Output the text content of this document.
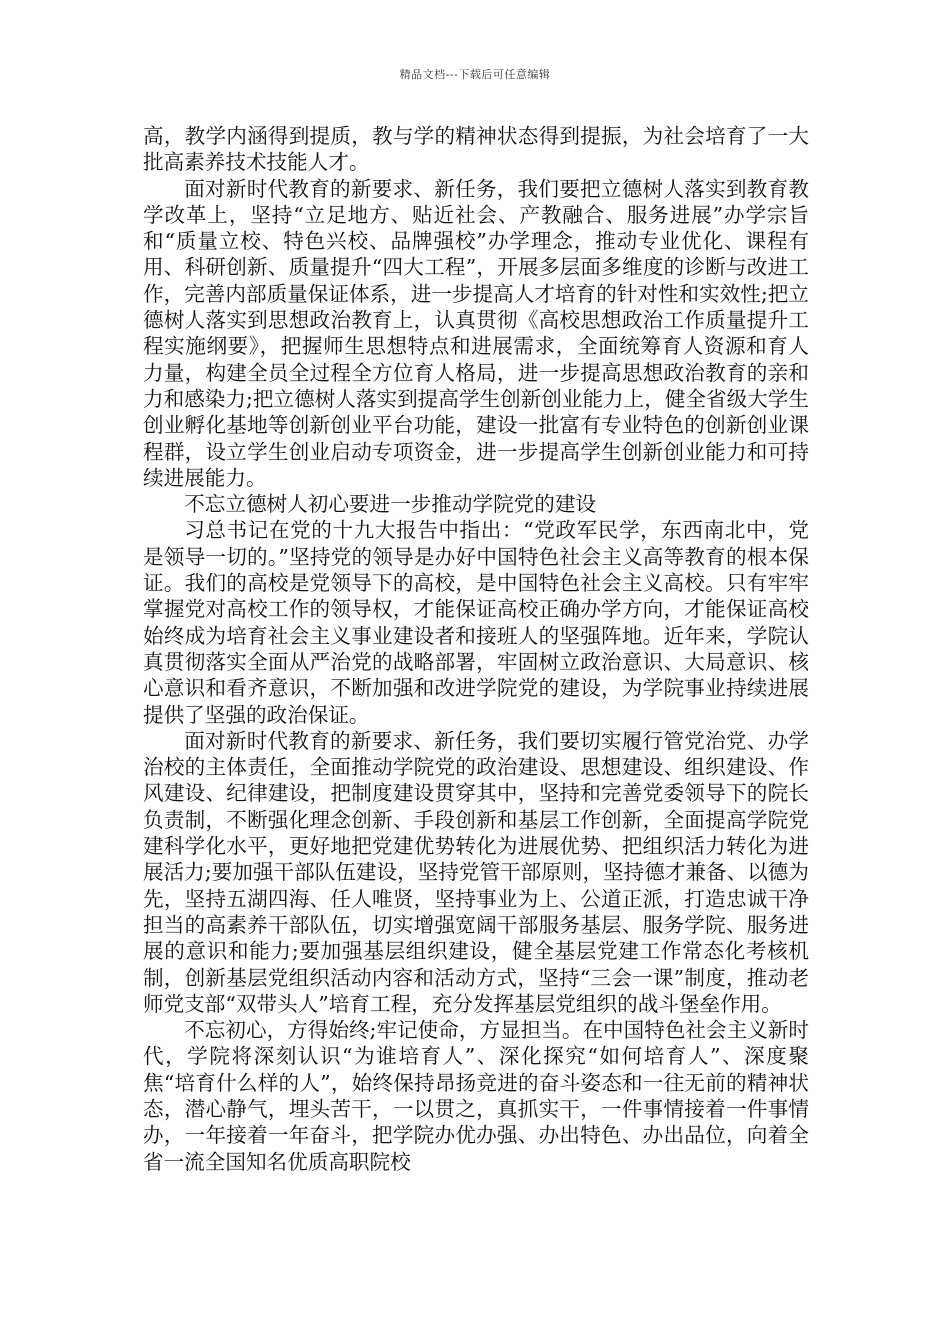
精品文档---下载后可任意编辑

高，教学内涵得到提质，教与学的精神状态得到提振，为社会培育了一大批高素养技术技能人才。

面对新时代教育的新要求、新任务，我们要把立德树人落实到教育教学改革上，坚持“立足地方、贴近社会、产教融合、服务进展”办学宗旨和“质量立校、特色兴校、品牌强校”办学理念，推动专业优化、课程有用、科研创新、质量提升“四大工程”，开展多层面多维度的诊断与改进工作，完善内部质量保证体系，进一步提高人才培育的针对性和实效性;把立德树人落实到思想政治教育上，认真贯彻《高校思想政治工作质量提升工程实施纲要》，把握师生思想特点和进展需求，全面统筹育人资源和育人力量，构建全员全过程全方位育人格局，进一步提高思想政治教育的亲和力和感染力;把立德树人落实到提高学生创新创业能力上，健全省级大学生创业孵化基地等创新创业平台功能，建设一批富有专业特色的创新创业课程群，设立学生创业启动专项资金，进一步提高学生创新创业能力和可持续进展能力。

不忘立德树人初心要进一步推动学院党的建设

习总书记在党的十九大报告中指出：“党政军民学，东西南北中，党是领导一切的。”坚持党的领导是办好中国特色社会主义高等教育的根本保证。我们的高校是党领导下的高校，是中国特色社会主义高校。只有牢牢掌握党对高校工作的领导权，才能保证高校正确办学方向，才能保证高校始终成为培育社会主义事业建设者和接班人的坚强阵地。近年来，学院认真贯彻落实全面从严治党的战略部署，牢固树立政治意识、大局意识、核心意识和看齐意识，不断加强和改进学院党的建设，为学院事业持续进展提供了坚强的政治保证。

面对新时代教育的新要求、新任务，我们要切实履行管党治党、办学治校的主体责任，全面推动学院党的政治建设、思想建设、组织建设、作风建设、纪律建设，把制度建设贯穿其中，坚持和完善党委领导下的院长负责制，不断强化理念创新、手段创新和基层工作创新，全面提高学院党建科学化水平，更好地把党建优势转化为进展优势、把组织活力转化为进展活力;要加强干部队伍建设，坚持党管干部原则，坚持德才兼备、以德为先，坚持五湖四海、任人唯贤，坚持事业为上、公道正派，打造忠诚干净担当的高素养干部队伍，切实增强宽阔干部服务基层、服务学院、服务进展的意识和能力;要加强基层组织建设，健全基层党建工作常态化考核机制，创新基层党组织活动内容和活动方式，坚持“三会一课”制度，推动老师党支部“双带头人”培育工程，充分发挥基层党组织的战斗堡垒作用。

不忘初心，方得始终;牢记使命，方显担当。在中国特色社会主义新时代，学院将深刻认识“为谁培育人”、深化探究“如何培育人”、深度聚焦“培育什么样的人”，始终保持昂扬竞进的奋斗姿态和一往无前的精神状态，潜心静气，埋头苦干，一以贯之，真抓实干，一件事情接着一件事情办，一年接着一年奋斗，把学院办优办强、办出特色、办出品位，向着全省一流全国知名优质高职院校
